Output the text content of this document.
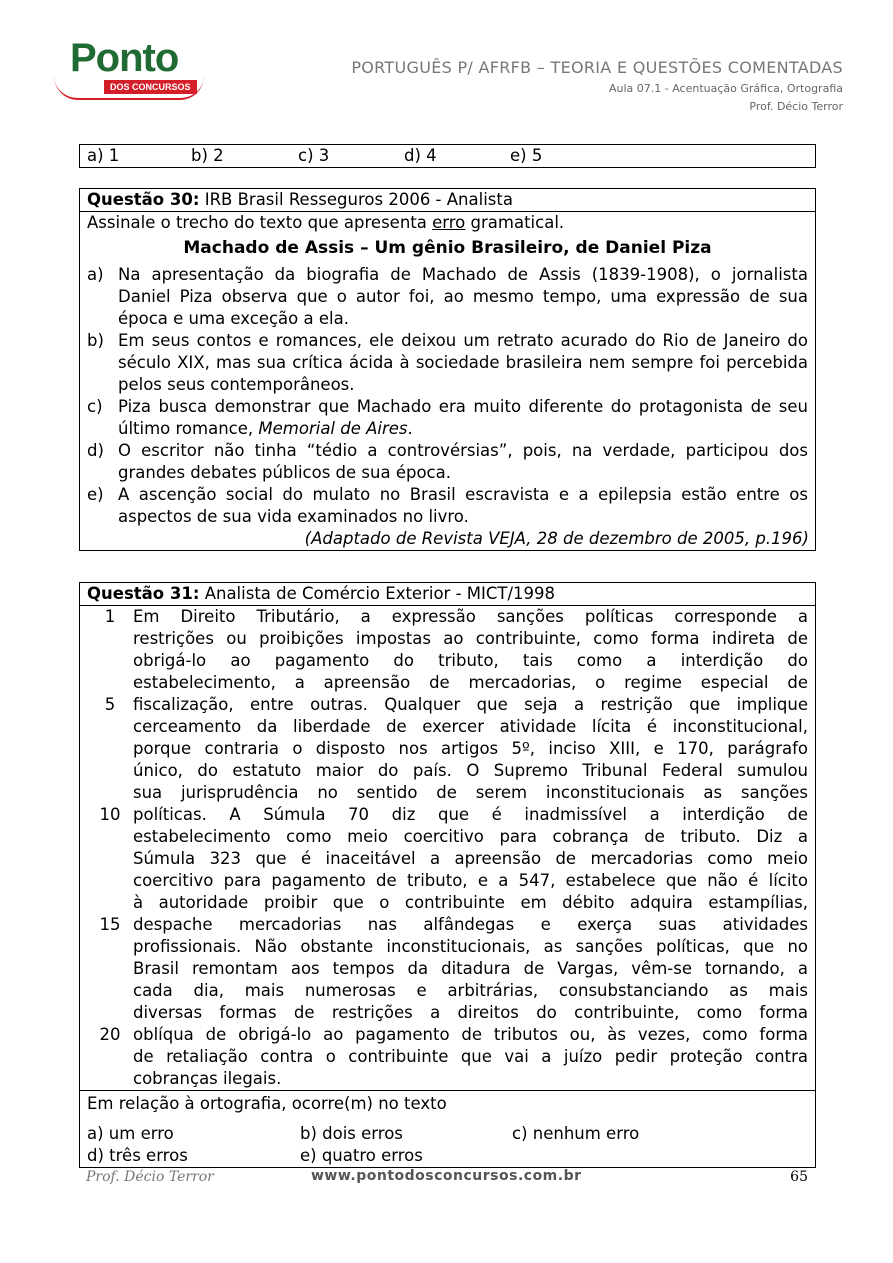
Ponto
DOS CONCURSOS
PORTUGUÊS P/ AFRFB – TEORIA E QUESTÕES COMENTADAS
Aula 07.1 - Acentuação Gráfica, Ortografia
Prof. Décio Terror
a) 1	b) 2	c) 3	d) 4	e) 5
Questão 30: IRB Brasil Resseguros 2006 - Analista
Assinale o trecho do texto que apresenta erro gramatical.
Machado de Assis – Um gênio Brasileiro, de Daniel Piza
a) Na apresentação da biografia de Machado de Assis (1839-1908), o jornalista Daniel Piza observa que o autor foi, ao mesmo tempo, uma expressão de sua época e uma exceção a ela.
b) Em seus contos e romances, ele deixou um retrato acurado do Rio de Janeiro do século XIX, mas sua crítica ácida à sociedade brasileira nem sempre foi percebida pelos seus contemporâneos.
c) Piza busca demonstrar que Machado era muito diferente do protagonista de seu último romance, Memorial de Aires.
d) O escritor não tinha “tédio a controvérsias”, pois, na verdade, participou dos grandes debates públicos de sua época.
e) A ascenção social do mulato no Brasil escravista e a epilepsia estão entre os aspectos de sua vida examinados no livro.
(Adaptado de Revista VEJA, 28 de dezembro de 2005, p.196)
Questão 31: Analista de Comércio Exterior - MICT/1998
1	Em Direito Tributário, a expressão sanções políticas corresponde a
restrições ou proibições impostas ao contribuinte, como forma indireta de
obrigá-lo ao pagamento do tributo, tais como a interdição do
estabelecimento, a apreensão de mercadorias, o regime especial de
5	fiscalização, entre outras. Qualquer que seja a restrição que implique
cerceamento da liberdade de exercer atividade lícita é inconstitucional,
porque contraria o disposto nos artigos 5º, inciso XIII, e 170, parágrafo
único, do estatuto maior do país. O Supremo Tribunal Federal sumulou
sua jurisprudência no sentido de serem inconstitucionais as sanções
10 políticas. A Súmula 70 diz que é inadmissível a interdição de
estabelecimento como meio coercitivo para cobrança de tributo. Diz a
Súmula 323 que é inaceitável a apreensão de mercadorias como meio
coercitivo para pagamento de tributo, e a 547, estabelece que não é lícito
à autoridade proibir que o contribuinte em débito adquira estampílias,
15 despache mercadorias nas alfândegas e exerça suas atividades
profissionais. Não obstante inconstitucionais, as sanções políticas, que no
Brasil remontam aos tempos da ditadura de Vargas, vêm-se tornando, a
cada dia, mais numerosas e arbitrárias, consubstanciando as mais
diversas formas de restrições a direitos do contribuinte, como forma
20 oblíqua de obrigá-lo ao pagamento de tributos ou, às vezes, como forma
de retaliação contra o contribuinte que vai a juízo pedir proteção contra
cobranças ilegais.
Em relação à ortografia, ocorre(m) no texto
a) um erro	b) dois erros	c) nenhum erro
d) três erros	e) quatro erros
Prof. Décio Terror	www.pontodosconcursos.com.br	65
